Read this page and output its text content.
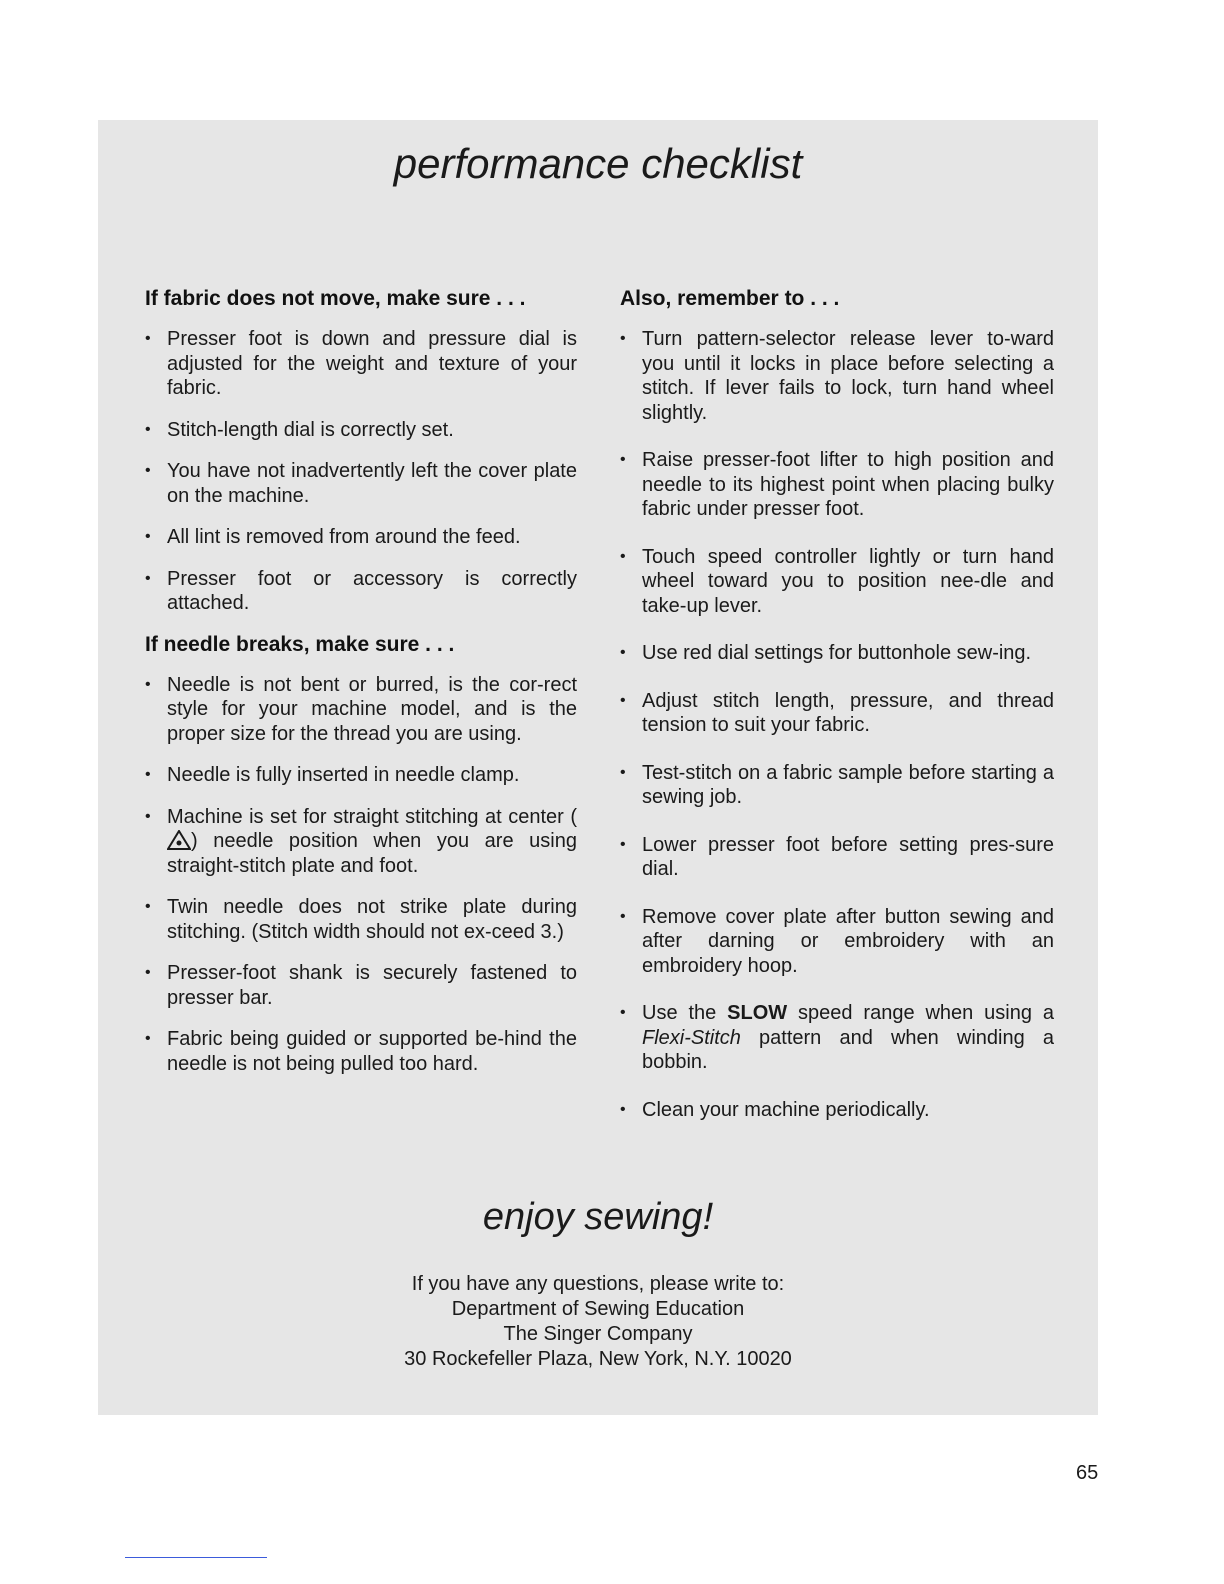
performance checklist
If fabric does not move, make sure . . .
• Presser foot is down and pressure dial is adjusted for the weight and texture of your fabric.
• Stitch-length dial is correctly set.
• You have not inadvertently left the cover plate on the machine.
• All lint is removed from around the feed.
• Presser foot or accessory is correctly attached.
If needle breaks, make sure . . .
• Needle is not bent or burred, is the cor-rect style for your machine model, and is the proper size for the thread you are using.
• Needle is fully inserted in needle clamp.
• Machine is set for straight stitching at center () needle position when you are using straight-stitch plate and foot.
• Twin needle does not strike plate during stitching. (Stitch width should not ex-ceed 3.)
• Presser-foot shank is securely fastened to presser bar.
• Fabric being guided or supported be-hind the needle is not being pulled too hard.
Also, remember to . . .
• Turn pattern-selector release lever to-ward you until it locks in place before selecting a stitch. If lever fails to lock, turn hand wheel slightly.
• Raise presser-foot lifter to high position and needle to its highest point when placing bulky fabric under presser foot.
• Touch speed controller lightly or turn hand wheel toward you to position nee-dle and take-up lever.
• Use red dial settings for buttonhole sew-ing.
• Adjust stitch length, pressure, and thread tension to suit your fabric.
• Test-stitch on a fabric sample before starting a sewing job.
• Lower presser foot before setting pres-sure dial.
• Remove cover plate after button sewing and after darning or embroidery with an embroidery hoop.
• Use the SLOW speed range when using a Flexi-Stitch pattern and when winding a bobbin.
• Clean your machine periodically.
enjoy sewing!
If you have any questions, please write to:
Department of Sewing Education
The Singer Company
30 Rockefeller Plaza, New York, N.Y. 10020
65
